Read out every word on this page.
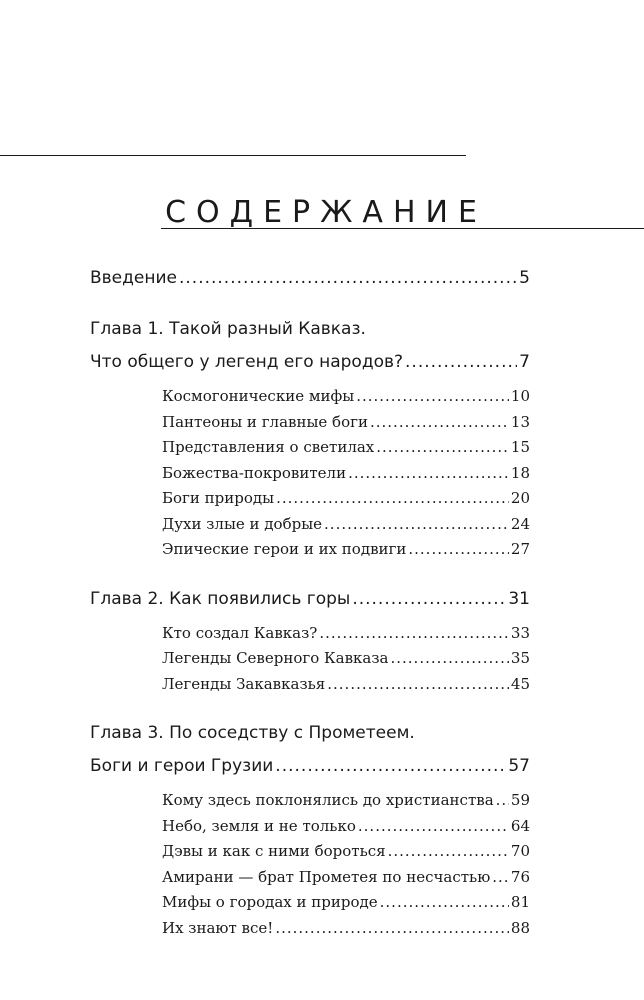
СОДЕРЖАНИЕ
Введение .....	5
Глава 1. Такой разный Кавказ.
Что общего у легенд его народов? .....	7
Космогонические мифы .....	10
Пантеоны и главные боги .....	13
Представления о светилах .....	15
Божества-покровители .....	18
Боги природы .....	20
Духи злые и добрые .....	24
Эпические герои и их подвиги .....	27
Глава 2. Как появились горы .....	31
Кто создал Кавказ? .....	33
Легенды Северного Кавказа .....	35
Легенды Закавказья .....	45
Глава 3. По соседству с Прометеем.
Боги и герои Грузии .....	57
Кому здесь поклонялись до христианства ..... 59
Небо, земля и не только .....	64
Дэвы и как с ними бороться .....	70
Амирани — брат Прометея по несчастью ..... 76
Мифы о городах и природе .....	81
Их знают все! .....	88
